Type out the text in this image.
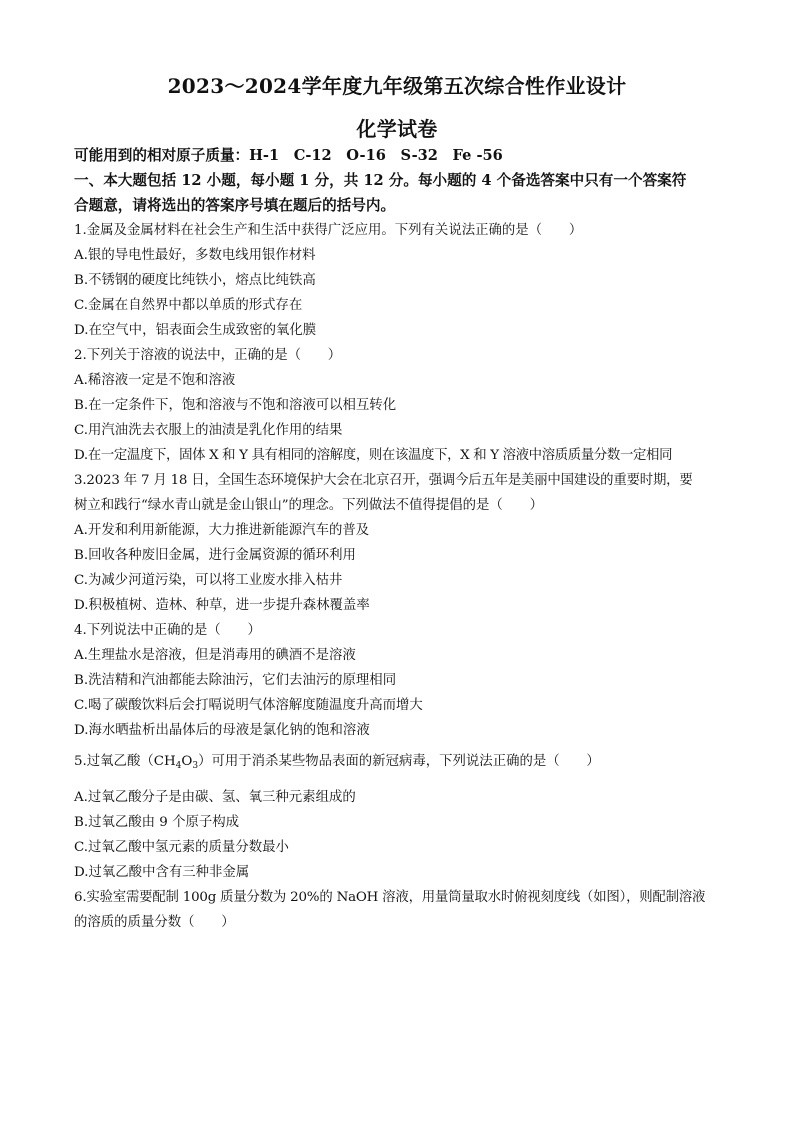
2023～2024学年度九年级第五次综合性作业设计
化学试卷
可能用到的相对原子质量：H-1　C-12　O-16　S-32　Fe -56
一、本大题包括 12 小题，每小题 1 分，共 12 分。每小题的 4 个备选答案中只有一个答案符
合题意，请将选出的答案序号填在题后的括号内。
1.金属及金属材料在社会生产和生活中获得广泛应用。下列有关说法正确的是（　　）
A.银的导电性最好，多数电线用银作材料
B.不锈钢的硬度比纯铁小，熔点比纯铁高
C.金属在自然界中都以单质的形式存在
D.在空气中，铝表面会生成致密的氧化膜
2.下列关于溶液的说法中，正确的是（　　）
A.稀溶液一定是不饱和溶液
B.在一定条件下，饱和溶液与不饱和溶液可以相互转化
C.用汽油洗去衣服上的油渍是乳化作用的结果
D.在一定温度下，固体 X 和 Y 具有相同的溶解度，则在该温度下，X 和 Y 溶液中溶质质量分数一定相同
3.2023 年 7 月 18 日，全国生态环境保护大会在北京召开，强调今后五年是美丽中国建设的重要时期，要
树立和践行“绿水青山就是金山银山”的理念。下列做法不值得提倡的是（　　）
A.开发和利用新能源，大力推进新能源汽车的普及
B.回收各种废旧金属，进行金属资源的循环利用
C.为减少河道污染，可以将工业废水排入枯井
D.积极植树、造林、种草，进一步提升森林覆盖率
4.下列说法中正确的是（　　）
A.生理盐水是溶液，但是消毒用的碘酒不是溶液
B.洗洁精和汽油都能去除油污，它们去油污的原理相同
C.喝了碳酸饮料后会打嗝说明气体溶解度随温度升高而增大
D.海水晒盐析出晶体后的母液是氯化钠的饱和溶液
5.过氧乙酸$(CH_4O_3)$可用于消杀某些物品表面的新冠病毒，下列说法正确的是（　　）
A.过氧乙酸分子是由碳、氢、氧三种元素组成的
B.过氧乙酸由 9 个原子构成
C.过氧乙酸中氢元素的质量分数最小
D.过氧乙酸中含有三种非金属
6.实验室需要配制 100g 质量分数为 20%的 NaOH 溶液，用量筒量取水时俯视刻度线（如图），则配制溶液
的溶质的质量分数（　　）
